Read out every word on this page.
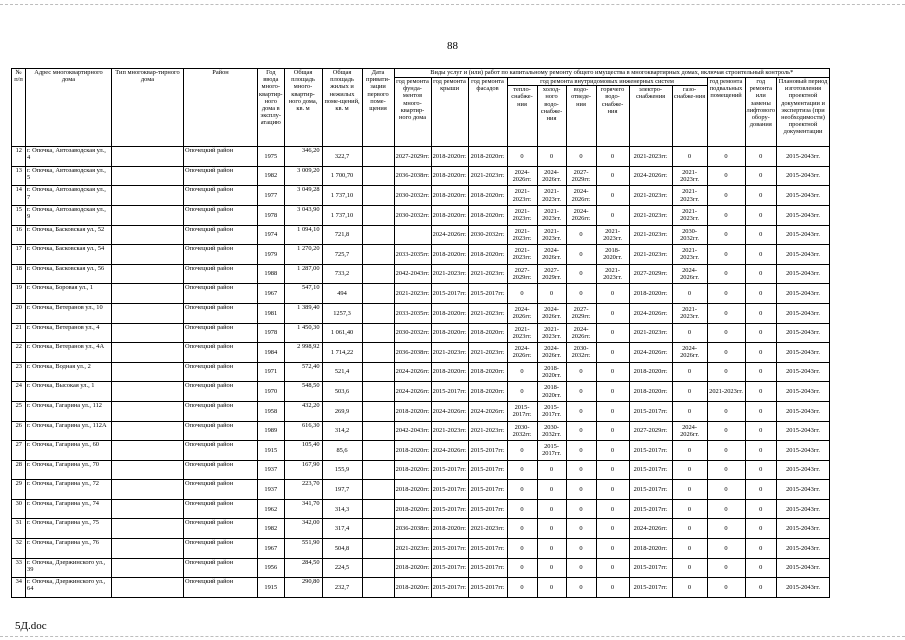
88
№ п/п	Адрес многоквартирного дома	Тип многоквар-тирного дома	Район	Год ввода много-квартир-ного дома в эксплу-атацию	Общая площадь много-квартир-ного дома, кв. м	Общая площадь жилых и нежилых поме-щений, кв. м	Дата привати-зации первого поме-щения	Виды услуг и (или) работ по капитальному ремонту общего имущества в многоквартирных домах, включая строительный контроль*											
								год ремонта фунда-ментов много-квартир-ного дома	год ремонта крыши	год ремонта фасадов	год ремонта внутридомовых инженерных систем						год ремонта подвальных помещений	год ремонта или замены лифтового обору-дования	Плановый период изготовления проектной документации и экспертиза (при необходимости) проектной документации
											тепло-снабже-ния	холод-ного водо-снабже-ния	водо-отведе-ния	горячего водо-снабже-ния	электро-снабжения	газо-снабже-ния			
12	г. Опочка, Автозаводская ул., 4		Опочецкий район	1975	346,20	322,7		2027-2029гг.	2018-2020гг.	2018-2020гг.	0	0	0	0	2021-2023гг.	0	0	0	2015-2043гг.
13	г. Опочка, Автозаводская ул., 5		Опочецкий район	1982	3 009,20	1 700,70		2036-2038гг.	2018-2020гг.	2021-2023гг.	2024-2026гг.	2024-2026гг.	2027-2029гг.	0	2024-2026гг.	2021-2023гг.	0	0	2015-2043гг.
14	г. Опочка, Автозаводская ул., 7		Опочецкий район	1977	3 049,28	1 737,10		2030-2032гг.	2018-2020гг.	2018-2020гг.	2021-2023гг.	2021-2023гг.	2024-2026гг.	0	2021-2023гг.	2021-2023гг.	0	0	2015-2043гг.
15	г. Опочка, Автозаводская ул., 9		Опочецкий район	1978	3 043,90	1 737,10		2030-2032гг.	2018-2020гг.	2018-2020гг.	2021-2023гг.	2021-2023гг.	2024-2026гг.	0	2021-2023гг.	2021-2023гг.	0	0	2015-2043гг.
16	г. Опочка, Басковская ул., 52		Опочецкий район	1974	1 094,10	721,8			2024-2026гг.	2030-2032гг.	2021-2023гг.	2021-2023гг.	0	2021-2023гг.	2021-2023гг.	2030-2032гг.	0	0	2015-2043гг.
17	г. Опочка, Басковская ул., 54		Опочецкий район	1979	1 270,20	725,7		2033-2035гг.	2018-2020гг.	2018-2020гг.	2021-2023гг.	2024-2026гг.	0	2018-2020гг.	2021-2023гг.	2021-2023гг.	0	0	2015-2043гг.
18	г. Опочка, Басковская ул., 56		Опочецкий район	1988	1 287,00	733,2		2042-2043гг.	2021-2023гг.	2021-2023гг.	2027-2029гг.	2027-2029гг.	0	2021-2023гг.	2027-2029гг.	2024-2026гг.	0	0	2015-2043гг.
19	г. Опочка, Боровая ул., 1		Опочецкий район	1967	547,10	494		2021-2023гг.	2015-2017гг.	2015-2017гг.	0	0	0	0	2018-2020гг.	0	0	0	2015-2043гг.
20	г. Опочка, Ветеранов ул., 10		Опочецкий район	1981	1 389,40	1257,3		2033-2035гг.	2018-2020гг.	2021-2023гг.	2024-2026гг.	2024-2026гг.	2027-2029гг.	0	2024-2026гг.	2021-2023гг.	0	0	2015-2043гг.
21	г. Опочка, Ветеранов ул., 4		Опочецкий район	1978	1 450,30	1 061,40		2030-2032гг.	2018-2020гг.	2018-2020гг.	2021-2023гг.	2021-2023гг.	2024-2026гг.	0	2021-2023гг.	0	0	0	2015-2043гг.
22	г. Опочка, Ветеранов ул., 4А		Опочецкий район	1984	2 998,92	1 714,22		2036-2038гг.	2021-2023гг.	2021-2023гг.	2024-2026гг.	2024-2026гг.	2030-2032гг.	0	2024-2026гг.	2024-2026гг.	0	0	2015-2043гг.
23	г. Опочка, Водная ул., 2		Опочецкий район	1971	572,40	521,4		2024-2026гг.	2018-2020гг.	2018-2020гг.	0	2018-2020гг.	0	0	2018-2020гг.	0	0	0	2015-2043гг.
24	г. Опочка, Высокая ул., 1		Опочецкий район	1970	548,50	503,6		2024-2026гг.	2015-2017гг.	2018-2020гг.	0	2018-2020гг.	0	0	2018-2020гг.	0	2021-2023гг.	0	2015-2043гг.
25	г. Опочка, Гагарина ул., 112		Опочецкий район	1958	432,20	269,9		2018-2020гг.	2024-2026гг.	2024-2026гг.	2015-2017гг.	2015-2017гг.	0	0	2015-2017гг.	0	0	0	2015-2043гг.
26	г. Опочка, Гагарина ул., 112А		Опочецкий район	1989	616,30	314,2		2042-2043гг.	2021-2023гг.	2021-2023гг.	2030-2032гг.	2030-2032гг.	0	0	2027-2029гг.	2024-2026гг.	0	0	2015-2043гг.
27	г. Опочка, Гагарина ул., 60		Опочецкий район	1915	105,40	85,6		2018-2020гг.	2024-2026гг.	2015-2017гг.	0	2015-2017гг.	0	0	2015-2017гг.	0	0	0	2015-2043гг.
28	г. Опочка, Гагарина ул., 70		Опочецкий район	1937	167,90	155,9		2018-2020гг.	2015-2017гг.	2015-2017гг.	0	0	0	0	2015-2017гг.	0	0	0	2015-2043гг.
29	г. Опочка, Гагарина ул., 72		Опочецкий район	1937	223,70	197,7		2018-2020гг.	2015-2017гг.	2015-2017гг.	0	0	0	0	2015-2017гг.	0	0	0	2015-2043гг.
30	г. Опочка, Гагарина ул., 74		Опочецкий район	1962	341,70	314,3		2018-2020гг.	2015-2017гг.	2015-2017гг.	0	0	0	0	2015-2017гг.	0	0	0	2015-2043гг.
31	г. Опочка, Гагарина ул., 75		Опочецкий район	1982	342,00	317,4		2036-2038гг.	2018-2020гг.	2021-2023гг.	0	0	0	0	2024-2026гг.	0	0	0	2015-2043гг.
32	г. Опочка, Гагарина ул., 76		Опочецкий район	1967	551,90	504,8		2021-2023гг.	2015-2017гг.	2015-2017гг.	0	0	0	0	2018-2020гг.	0	0	0	2015-2043гг.
33	г. Опочка, Дзержинского ул., 39		Опочецкий район	1956	284,50	224,5		2018-2020гг.	2015-2017гг.	2015-2017гг.	0	0	0	0	2015-2017гг.	0	0	0	2015-2043гг.
34	г. Опочка, Дзержинского ул., 64		Опочецкий район	1915	290,80	232,7		2018-2020гг.	2015-2017гг.	2015-2017гг.	0	0	0	0	2015-2017гг.	0	0	0	2015-2043гг.
5Д.doc
